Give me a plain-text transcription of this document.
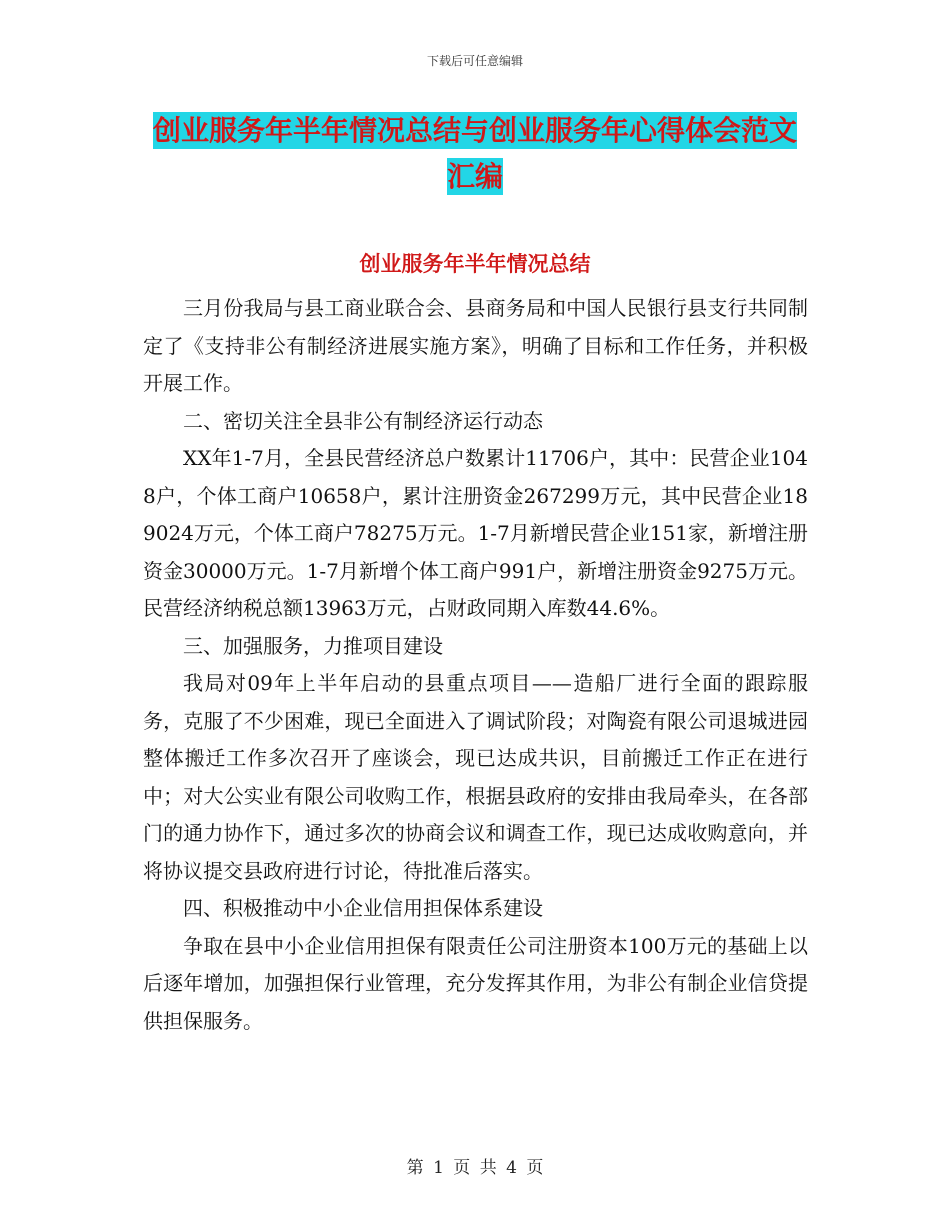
下载后可任意编辑
创业服务年半年情况总结与创业服务年心得体会范文
汇编
创业服务年半年情况总结

三月份我局与县工商业联合会、县商务局和中国人民银行县支行共同制定了《支持非公有制经济进展实施方案》，明确了目标和工作任务，并积极开展工作。

二、密切关注全县非公有制经济运行动态

XX年1-7月，全县民营经济总户数累计11706户，其中：民营企业1048户，个体工商户10658户，累计注册资金267299万元，其中民营企业189024万元，个体工商户78275万元。1-7月新增民营企业151家，新增注册资金30000万元。1-7月新增个体工商户991户，新增注册资金9275万元。民营经济纳税总额13963万元，占财政同期入库数44.6%。

三、加强服务，力推项目建设

我局对09年上半年启动的县重点项目——造船厂进行全面的跟踪服务，克服了不少困难，现已全面进入了调试阶段；对陶瓷有限公司退城进园整体搬迁工作多次召开了座谈会，现已达成共识，目前搬迁工作正在进行中；对大公实业有限公司收购工作，根据县政府的安排由我局牵头，在各部门的通力协作下，通过多次的协商会议和调查工作，现已达成收购意向，并将协议提交县政府进行讨论，待批准后落实。

四、积极推动中小企业信用担保体系建设

争取在县中小企业信用担保有限责任公司注册资本100万元的基础上以后逐年增加，加强担保行业管理，充分发挥其作用，为非公有制企业信贷提供担保服务。

第 1 页 共 4 页
